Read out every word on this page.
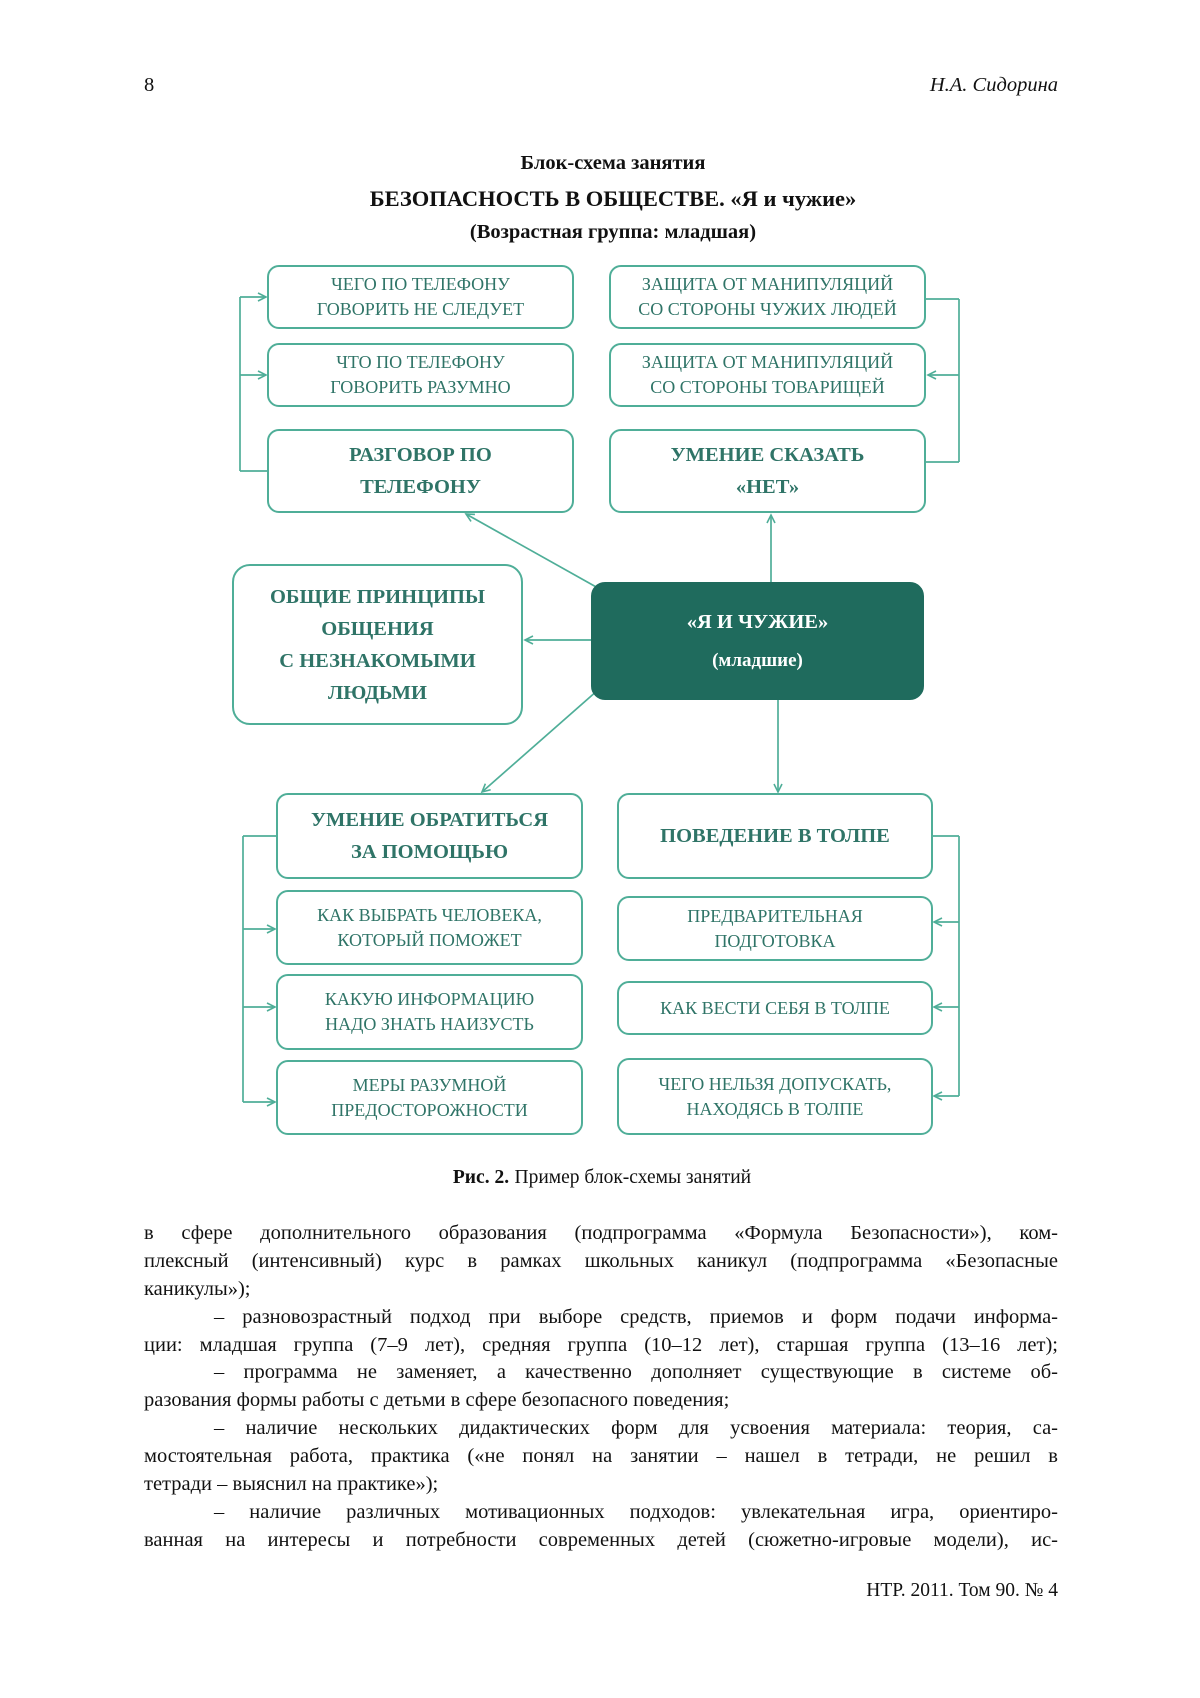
8	Н.А. Сидорина
Блок-схема занятия
БЕЗОПАСНОСТЬ В ОБЩЕСТВЕ. «Я и чужие»
(Возрастная группа: младшая)
ЧЕГО ПО ТЕЛЕФОНУ
ГОВОРИТЬ НЕ СЛЕДУЕТ
ЧТО ПО ТЕЛЕФОНУ
ГОВОРИТЬ РАЗУМНО
РАЗГОВОР ПО
ТЕЛЕФОНУ
ЗАЩИТА ОТ МАНИПУЛЯЦИЙ
СО СТОРОНЫ ЧУЖИХ ЛЮДЕЙ
ЗАЩИТА ОТ МАНИПУЛЯЦИЙ
СО СТОРОНЫ ТОВАРИЩЕЙ
УМЕНИЕ СКАЗАТЬ
«НЕТ»
ОБЩИЕ ПРИНЦИПЫ
ОБЩЕНИЯ
С НЕЗНАКОМЫМИ
ЛЮДЬМИ
«Я И ЧУЖИЕ»
(младшие)
УМЕНИЕ ОБРАТИТЬСЯ
ЗА ПОМОЩЬЮ
КАК ВЫБРАТЬ ЧЕЛОВЕКА,
КОТОРЫЙ ПОМОЖЕТ
КАКУЮ ИНФОРМАЦИЮ
НАДО ЗНАТЬ НАИЗУСТЬ
МЕРЫ РАЗУМНОЙ
ПРЕДОСТОРОЖНОСТИ
ПОВЕДЕНИЕ В ТОЛПЕ
ПРЕДВАРИТЕЛЬНАЯ
ПОДГОТОВКА
КАК ВЕСТИ СЕБЯ В ТОЛПЕ
ЧЕГО НЕЛЬЗЯ ДОПУСКАТЬ,
НАХОДЯСЬ В ТОЛПЕ
Рис. 2. Пример блок-схемы занятий
в сфере дополнительного образования (подпрограмма «Формула Безопасности»), ком-
плексный (интенсивный) курс в рамках школьных каникул (подпрограмма «Безопасные
каникулы»);
– разновозрастный подход при выборе средств, приемов и форм подачи информа-
ции: младшая группа (7–9 лет), средняя группа (10–12 лет), старшая группа (13–16 лет);
– программа не заменяет, а качественно дополняет существующие в системе об-
разования формы работы с детьми в сфере безопасного поведения;
– наличие нескольких дидактических форм для усвоения материала: теория, са-
мостоятельная работа, практика («не понял на занятии – нашел в тетради, не решил в
тетради – выяснил на практике»);
– наличие различных мотивационных подходов: увлекательная игра, ориентиро-
ванная на интересы и потребности современных детей (сюжетно-игровые модели), ис-
НТР. 2011. Том 90. № 4
